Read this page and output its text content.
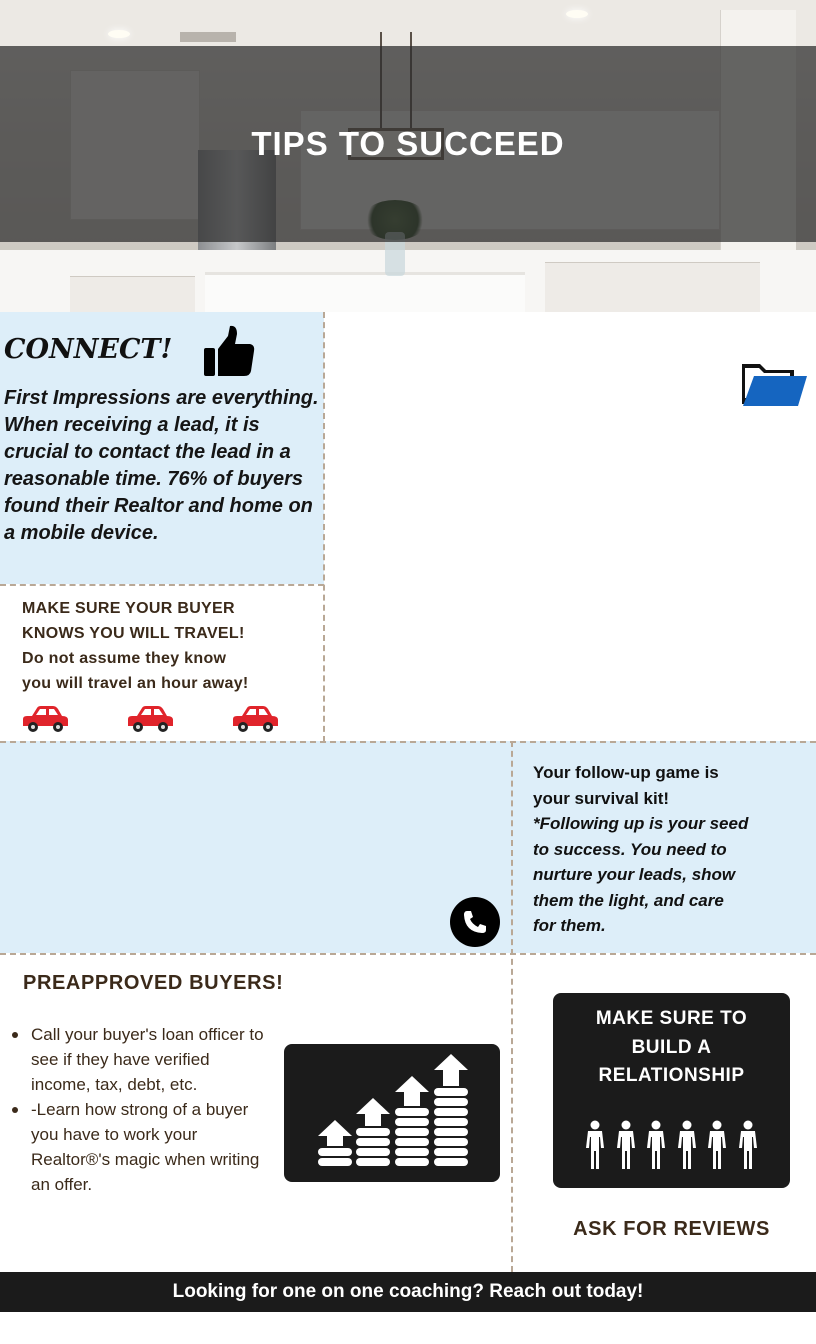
TIPS TO SUCCEED
CONNECT!
First Impressions are everything. When receiving a lead, it is crucial to contact the lead in a reasonable time. 76% of buyers found their Realtor and home on a mobile device.
MAKE SURE YOUR BUYER
KNOWS YOU WILL TRAVEL!
Do not assume they know
you will travel an hour away!
Your follow-up game is
your survival kit!
*Following up is your seed
to success. You need to
nurture your leads, show
them the light, and care
for them.
PREAPPROVED BUYERS!
Call your buyer's loan officer to see if they have verified income, tax, debt, etc.
-Learn how strong of a buyer you have to work your Realtor®'s magic when writing an offer.
MAKE SURE TO
BUILD A
RELATIONSHIP
ASK FOR REVIEWS
Looking for one on one coaching? Reach out today!
